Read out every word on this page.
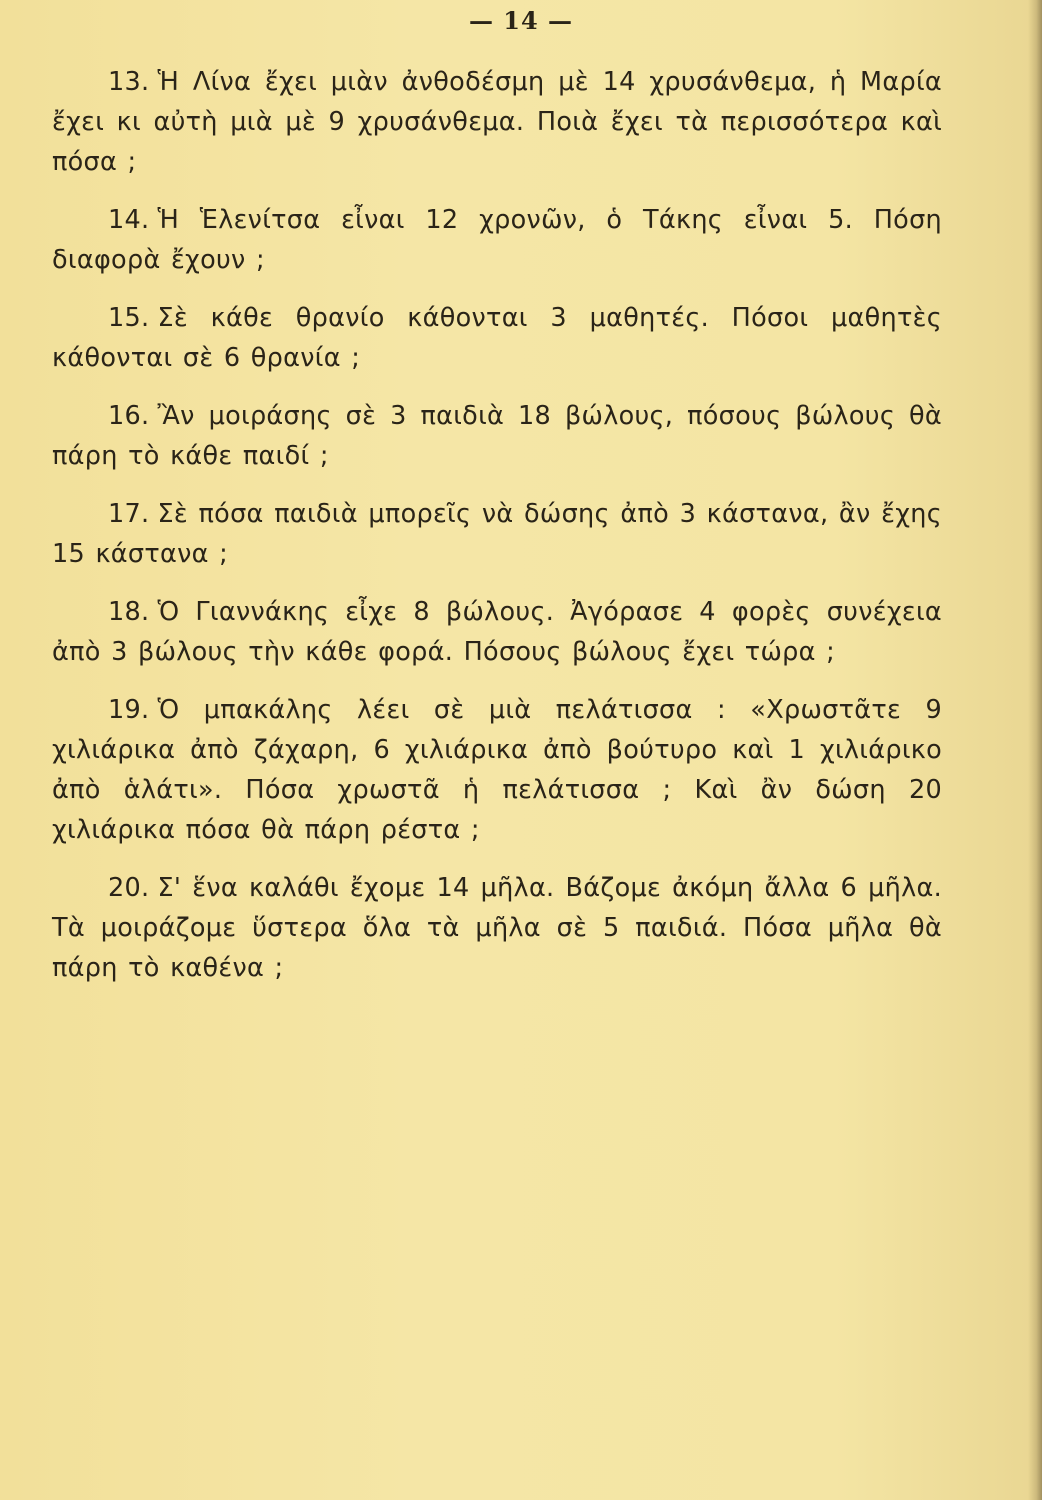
— 14 —

13. Ἡ Λίνα ἔχει μιὰν ἀνθοδέσμη μὲ 14 χρυσάνθεμα, ἡ Μαρία ἔχει κι αὐτὴ μιὰ μὲ 9 χρυσάνθεμα. Ποιὰ ἔχει τὰ περισσότερα καὶ πόσα ;

14. Ἡ Ἑλενίτσα εἶναι 12 χρονῶν, ὁ Τάκης εἶναι 5. Πόση διαφορὰ ἔχουν ;

15. Σὲ κάθε θρανίο κάθονται 3 μαθητές. Πόσοι μαθητὲς κάθονται σὲ 6 θρανία ;

16. Ἂν μοιράσης σὲ 3 παιδιὰ 18 βώλους, πόσους βώλους θὰ πάρη τὸ κάθε παιδί ;

17. Σὲ πόσα παιδιὰ μπορεῖς νὰ δώσης ἀπὸ 3 κάστανα, ἂν ἔχης 15 κάστανα ;

18. Ὁ Γιαννάκης εἶχε 8 βώλους. Ἀγόρασε 4 φορὲς συνέχεια ἀπὸ 3 βώλους τὴν κάθε φορά. Πόσους βώλους ἔχει τώρα ;

19. Ὁ μπακάλης λέει σὲ μιὰ πελάτισσα : «Χρωστᾶτε 9 χιλιάρικα ἀπὸ ζάχαρη, 6 χιλιάρικα ἀπὸ βούτυρο καὶ 1 χιλιάρικο ἀπὸ ἁλάτι». Πόσα χρωστᾶ ἡ πελάτισσα ; Καὶ ἂν δώση 20 χιλιάρικα πόσα θὰ πάρη ρέστα ;

20. Σ' ἕνα καλάθι ἔχομε 14 μῆλα. Βάζομε ἀκόμη ἄλλα 6 μῆλα. Τὰ μοιράζομε ὕστερα ὅλα τὰ μῆλα σὲ 5 παιδιά. Πόσα μῆλα θὰ πάρη τὸ καθένα ;
